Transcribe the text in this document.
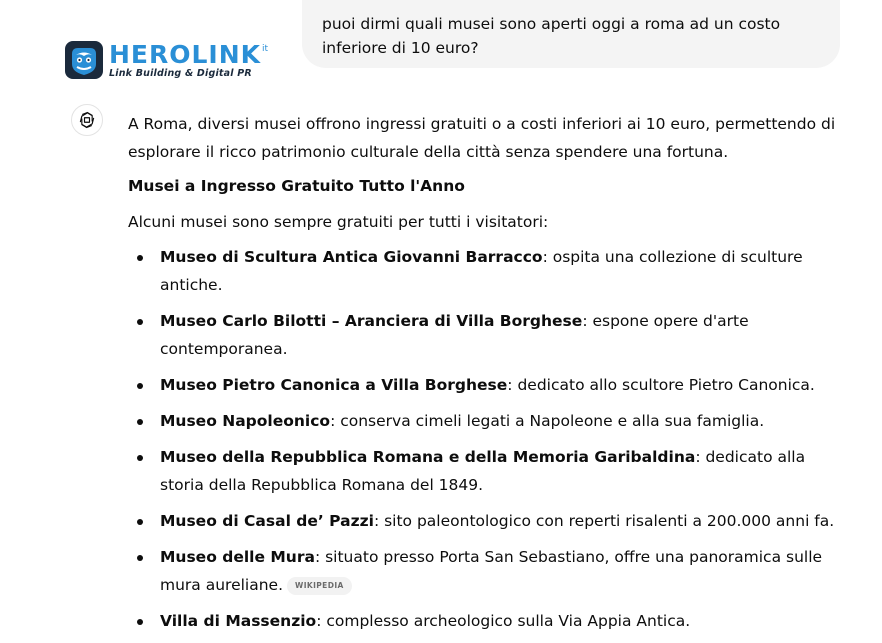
$HEROLINK^{it}$
Link Building & Digital PR
puoi dirmi quali musei sono aperti oggi a roma ad un costo inferiore di 10 euro?

A Roma, diversi musei offrono ingressi gratuiti o a costi inferiori ai 10 euro, permettendo di esplorare il ricco patrimonio culturale della città senza spendere una fortuna.

Musei a Ingresso Gratuito Tutto l'Anno

Alcuni musei sono sempre gratuiti per tutti i visitatori:

Museo di Scultura Antica Giovanni Barracco: ospita una collezione di sculture antiche.
Museo Carlo Bilotti – Aranciera di Villa Borghese: espone opere d'arte contemporanea.
Museo Pietro Canonica a Villa Borghese: dedicato allo scultore Pietro Canonica.
Museo Napoleonico: conserva cimeli legati a Napoleone e alla sua famiglia.
Museo della Repubblica Romana e della Memoria Garibaldina: dedicato alla storia della Repubblica Romana del 1849.
Museo di Casal de’ Pazzi: sito paleontologico con reperti risalenti a 200.000 anni fa.
Museo delle Mura: situato presso Porta San Sebastiano, offre una panoramica sulle mura aureliane. WIKIPEDIA
Villa di Massenzio: complesso archeologico sulla Via Appia Antica.
